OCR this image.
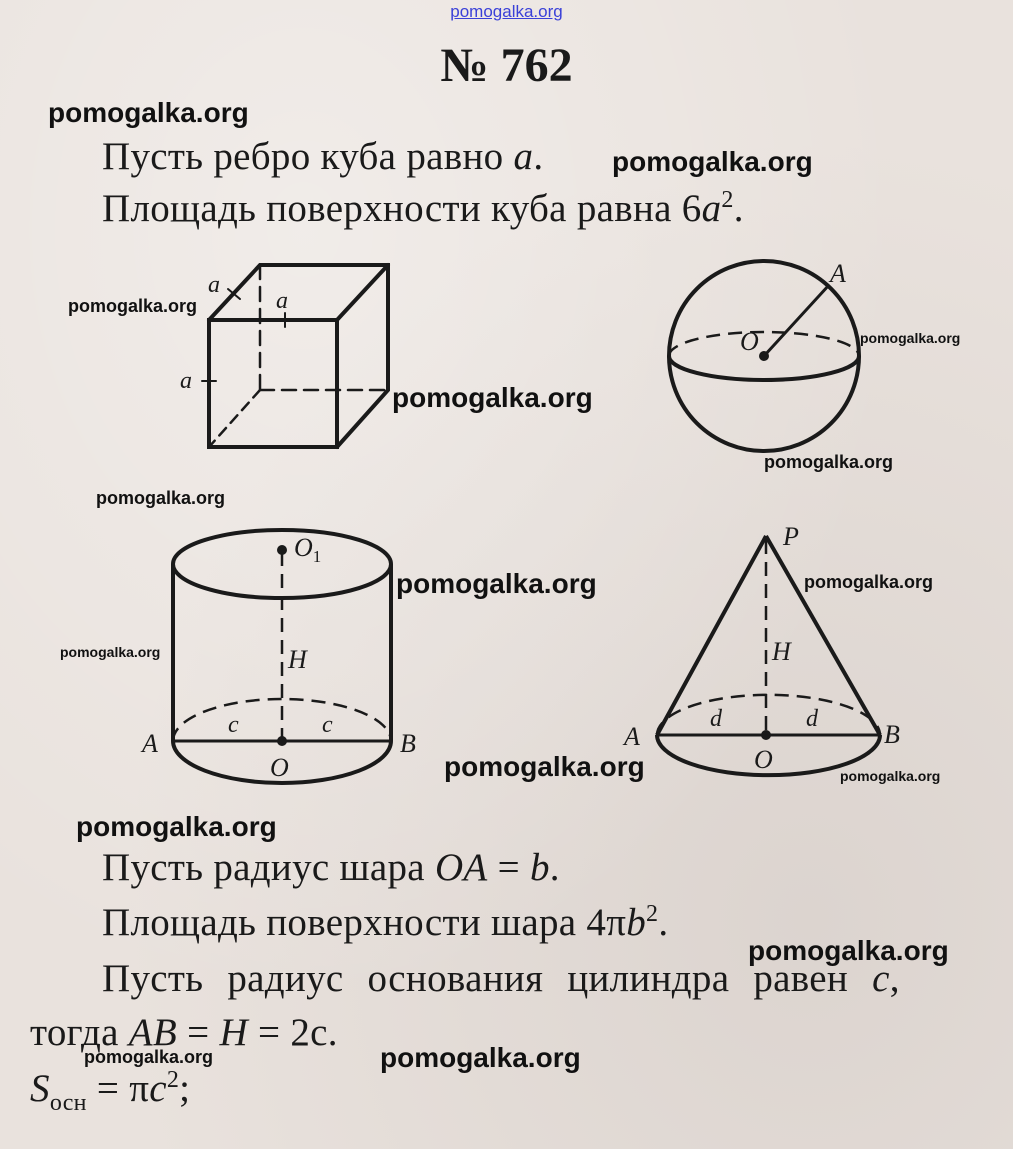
pomogalka.org
№ 762
Пусть ребро куба равно a.
Площадь поверхности куба равна $6a^2$.
Пусть радиус шара OA = b.
Площадь поверхности шара $4\pi b^2$.
Пусть радиус основания цилиндра равен c,
тогда AB = H = 2c.
$S_{осн} = \pi c^2$;
a
a
a
A
O
$O_1$
H
c	c
A	B
O
P
H
d	d
A	B
O
pomogalka.org
pomogalka.org
pomogalka.org
pomogalka.org
pomogalka.org
pomogalka.org
pomogalka.org
pomogalka.org	pomogalka.org
pomogalka.org
pomogalka.org	pomogalka.org
pomogalka.org
pomogalka.org
pomogalka.org	pomogalka.org
